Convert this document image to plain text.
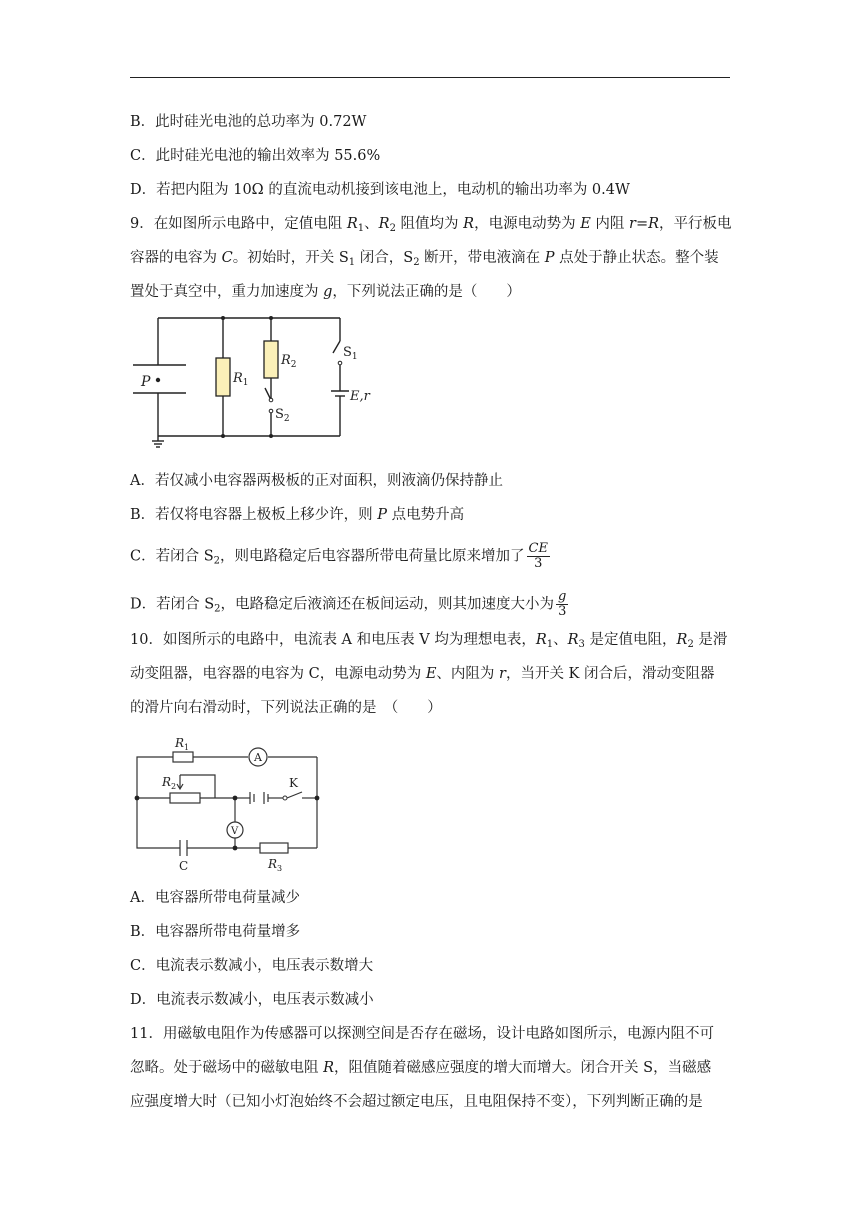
B．此时硅光电池的总功率为 0.72W
C．此时硅光电池的输出效率为 55.6%
D．若把内阻为 10Ω 的直流电动机接到该电池上，电动机的输出功率为 0.4W
9．在如图所示电路中，定值电阻 $R_1$、$R_2$ 阻值均为 R，电源电动势为 E 内阻 r=R，平行板电
容器的电容为 C。初始时，开关 $S_1$ 闭合，$S_2$ 断开，带电液滴在 P 点处于静止状态。整个装
置处于真空中，重力加速度为 g，下列说法正确的是（　　）
P	$R_1$
$R_2$
$S_1$
$S_2$
E,r
A．若仅减小电容器两极板的正对面积，则液滴仍保持静止
B．若仅将电容器上极板上移少许，则 P 点电势升高
C．若闭合 $S_2$，则电路稳定后电容器所带电荷量比原来增加了 $\frac{CE}{3}$
D．若闭合 $S_2$，电路稳定后液滴还在板间运动，则其加速度大小为 $\frac{g}{3}$
10．如图所示的电路中，电流表 A 和电压表 V 均为理想电表，$R_1$、$R_3$ 是定值电阻，$R_2$ 是滑
动变阻器，电容器的电容为 C，电源电动势为 E、内阻为 r，当开关 K 闭合后，滑动变阻器
的滑片向右滑动时，下列说法正确的是　（　　）
A
V
$R_1$
$R_2$
$R_3$
K
C
A．电容器所带电荷量减少
B．电容器所带电荷量增多
C．电流表示数减小，电压表示数增大
D．电流表示数减小，电压表示数减小
11．用磁敏电阻作为传感器可以探测空间是否存在磁场，设计电路如图所示，电源内阻不可
忽略。处于磁场中的磁敏电阻 R，阻值随着磁感应强度的增大而增大。闭合开关 S，当磁感
应强度增大时（已知小灯泡始终不会超过额定电压，且电阻保持不变），下列判断正确的是
